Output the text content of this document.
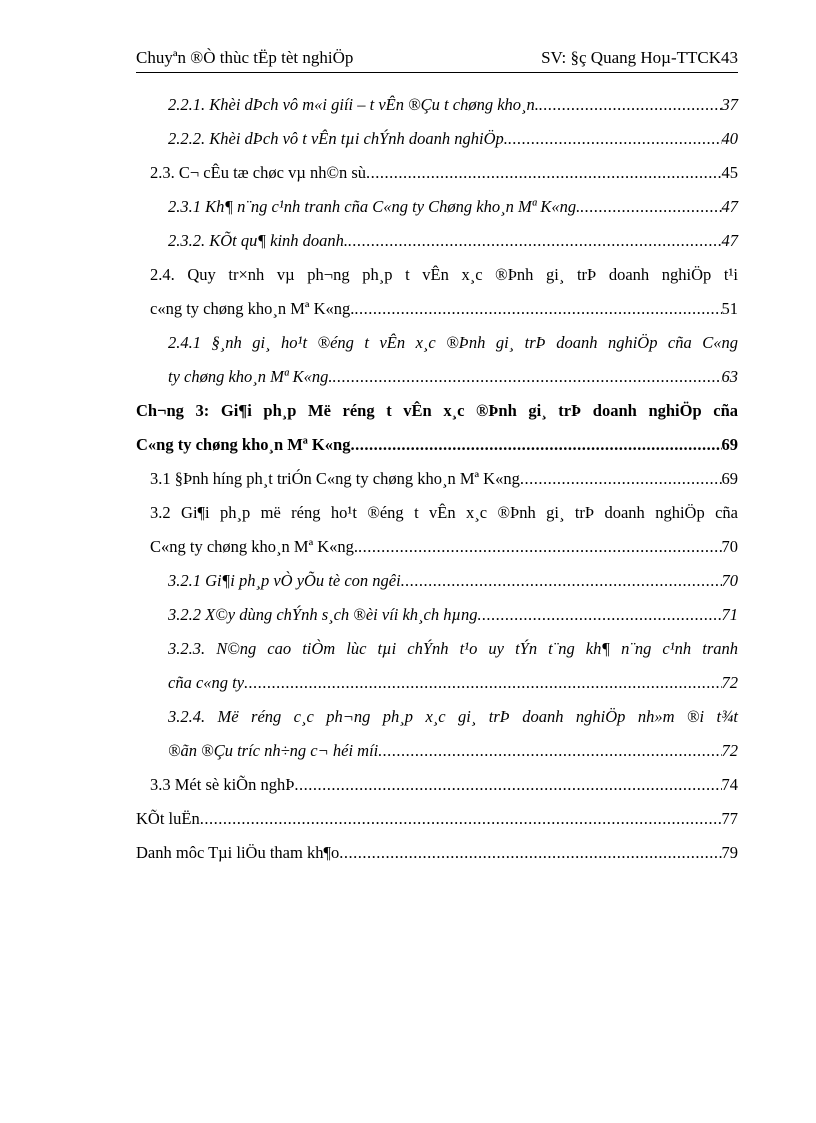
Chuyªn ®Ò thùc tËp tèt nghiÖp	SV: §ç Quang Hoµ-TTCK43
2.2.1. Khèi dÞch vô m«i giíi – t vÊn ®Çu t chøng kho¸n. .....	37
2.2.2. Khèi dÞch vô t vÊn tµi chÝnh doanh nghiÖp. .....	40
2.3. C¬ cÊu tæ chøc vµ nh©n sù .....	45
2.3.1 Kh¶ n¨ng c¹nh tranh cña C«ng ty Chøng kho¸n Mª K«ng. .....	47
2.3.2. KÕt qu¶ kinh doanh. .....	47
2.4. Quy tr×nh vµ ph¬ng ph¸p t vÊn x¸c ®Þnh gi¸ trÞ doanh nghiÖp t¹i
c«ng ty chøng kho¸n Mª K«ng. .....	51
2.4.1 §¸nh gi¸ ho¹t ®éng t vÊn x¸c ®Þnh gi¸ trÞ doanh nghiÖp cña C«ng
ty chøng kho¸n Mª K«ng. .....	63
Ch¬ng 3: Gi¶i ph¸p Më réng t vÊn x¸c ®Þnh gi¸ trÞ doanh nghiÖp cña
C«ng ty chøng kho¸n Mª K«ng .....	69
3.1 §Þnh híng ph¸t triÓn C«ng ty chøng kho¸n Mª K«ng .....	69
3.2 Gi¶i ph¸p më réng ho¹t ®éng t vÊn x¸c ®Þnh gi¸ trÞ doanh nghiÖp cña
C«ng ty chøng kho¸n Mª K«ng. .....	70
3.2.1 Gi¶i ph¸p vÒ yÕu tè con ngêi .....	70
3.2.2 X©y dùng chÝnh s¸ch ®èi víi kh¸ch hµng .....	71
3.2.3. N©ng cao tiÒm lùc tµi chÝnh t¹o uy tÝn t¨ng kh¶ n¨ng c¹nh tranh
cña c«ng ty .....	72
3.2.4. Më réng c¸c ph¬ng ph¸p x¸c gi¸ trÞ doanh nghiÖp nh»m ®i t¾t
®ãn ®Çu tríc nh÷ng c¬ héi míi .....	72
3.3 Mét sè kiÕn nghÞ .....	74
KÕt luËn .....	77
Danh môc Tµi liÖu tham kh¶o .....	79
